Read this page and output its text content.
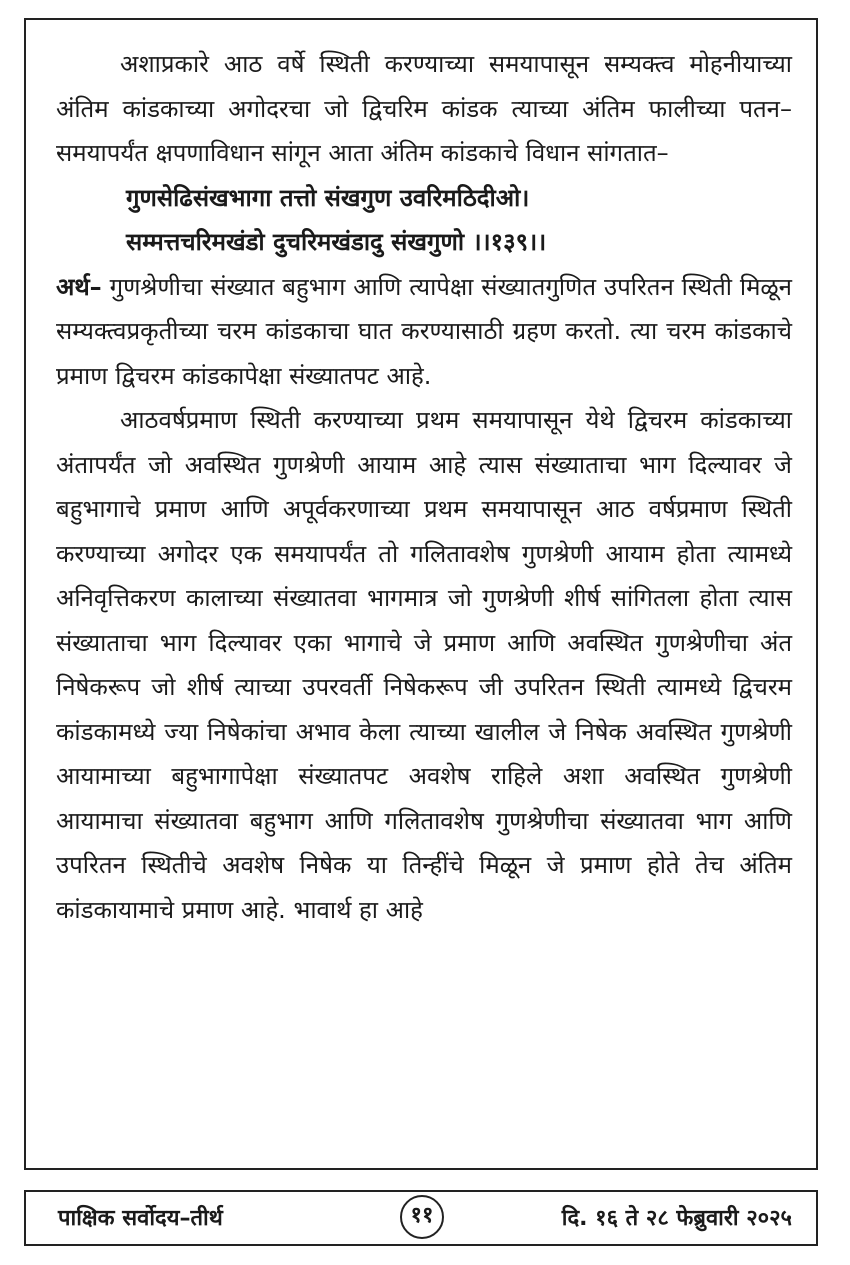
अशाप्रकारे आठ वर्षे स्थिती करण्याच्या समयापासून सम्यक्त्व मोहनीयाच्या अंतिम कांडकाच्या अगोदरचा जो द्विचरिम कांडक त्याच्या अंतिम फालीच्या पतन–समयापर्यंत क्षपणाविधान सांगून आता अंतिम कांडकाचे विधान सांगतात–

गुणसेढिसंखभागा तत्तो संखगुण उवरिमठिदीओ।

सम्मत्तचरिमखंडो दुचरिमखंडादु संखगुणो ।।१३९।।

अर्थ– गुणश्रेणीचा संख्यात बहुभाग आणि त्यापेक्षा संख्यातगुणित उपरितन स्थिती मिळून सम्यक्त्वप्रकृतीच्या चरम कांडकाचा घात करण्यासाठी ग्रहण करतो. त्या चरम कांडकाचे प्रमाण द्विचरम कांडकापेक्षा संख्यातपट आहे.

आठवर्षप्रमाण स्थिती करण्याच्या प्रथम समयापासून येथे द्विचरम कांडकाच्या अंतापर्यंत जो अवस्थित गुणश्रेणी आयाम आहे त्यास संख्याताचा भाग दिल्यावर जे बहुभागाचे प्रमाण आणि अपूर्वकरणाच्या प्रथम समयापासून आठ वर्षप्रमाण स्थिती करण्याच्या अगोदर एक समयापर्यंत तो गलितावशेष गुणश्रेणी आयाम होता त्यामध्ये अनिवृत्तिकरण कालाच्या संख्यातवा भागमात्र जो गुणश्रेणी शीर्ष सांगितला होता त्यास संख्याताचा भाग दिल्यावर एका भागाचे जे प्रमाण आणि अवस्थित गुणश्रेणीचा अंत निषेकरूप जो शीर्ष त्याच्या उपरवर्ती निषेकरूप जी उपरितन स्थिती त्यामध्ये द्विचरम कांडकामध्ये ज्या निषेकांचा अभाव केला त्याच्या खालील जे निषेक अवस्थित गुणश्रेणी आयामाच्या बहुभागापेक्षा संख्यातपट अवशेष राहिले अशा अवस्थित गुणश्रेणी आयामाचा संख्यातवा बहुभाग आणि गलितावशेष गुणश्रेणीचा संख्यातवा भाग आणि उपरितन स्थितीचे अवशेष निषेक या तिन्हींचे मिळून जे प्रमाण होते तेच अंतिम कांडकायामाचे प्रमाण आहे. भावार्थ हा आहे

पाक्षिक सर्वोदय–तीर्थ	११	दि. १६ ते २८ फेब्रुवारी २०२५
